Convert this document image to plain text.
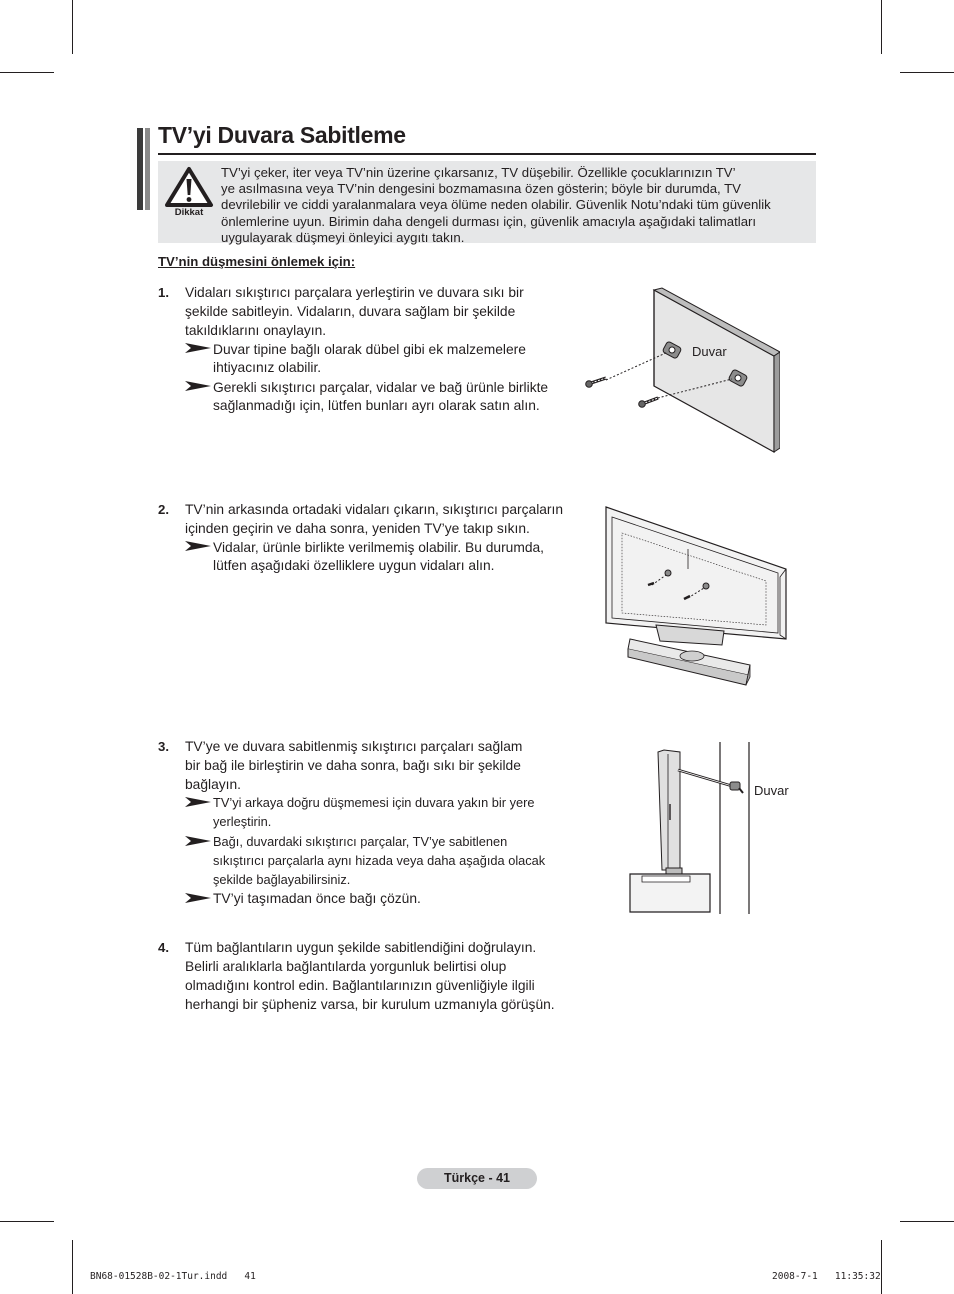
TV’yi Duvara Sabitleme
Dikkat
TV’yi çeker, iter veya TV’nin üzerine çıkarsanız, TV düşebilir. Özellikle çocuklarınızın TV’
ye asılmasına veya TV’nin dengesini bozmamasına özen gösterin; böyle bir durumda, TV
devrilebilir ve ciddi yaralanmalara veya ölüme neden olabilir. Güvenlik Notu’ndaki tüm güvenlik
önlemlerine uyun. Birimin daha dengeli durması için, güvenlik amacıyla aşağıdaki talimatları
uygulayarak düşmeyi önleyici aygıtı takın.
TV’nin düşmesini önlemek için:
1. Vidaları sıkıştırıcı parçalara yerleştirin ve duvara sıkı bir
şekilde sabitleyin. Vidaların, duvara sağlam bir şekilde
takıldıklarını onaylayın.
Duvar tipine bağlı olarak dübel gibi ek malzemelere
ihtiyacınız olabilir.
Gerekli sıkıştırıcı parçalar, vidalar ve bağ ürünle birlikte
sağlanmadığı için, lütfen bunları ayrı olarak satın alın.
Duvar
2. TV’nin arkasında ortadaki vidaları çıkarın, sıkıştırıcı parçaların
içinden geçirin ve daha sonra, yeniden TV’ye takıp sıkın.
Vidalar, ürünle birlikte verilmemiş olabilir. Bu durumda,
lütfen aşağıdaki özelliklere uygun vidaları alın.
3. TV’ye ve duvara sabitlenmiş sıkıştırıcı parçaları sağlam
bir bağ ile birleştirin ve daha sonra, bağı sıkı bir şekilde
bağlayın.
TV’yi arkaya doğru düşmemesi için duvara yakın bir yere
yerleştirin.
Bağı, duvardaki sıkıştırıcı parçalar, TV’ye sabitlenen
sıkıştırıcı parçalarla aynı hizada veya daha aşağıda olacak
şekilde bağlayabilirsiniz.
TV’yi taşımadan önce bağı çözün.
Duvar
4. Tüm bağlantıların uygun şekilde sabitlendiğini doğrulayın.
Belirli aralıklarla bağlantılarda yorgunluk belirtisi olup
olmadığını kontrol edin. Bağlantılarınızın güvenliğiyle ilgili
herhangi bir şüpheniz varsa, bir kurulum uzmanıyla görüşün.
Türkçe - 41
BN68-01528B-02-1Tur.indd   41	2008-7-1   11:35:32
